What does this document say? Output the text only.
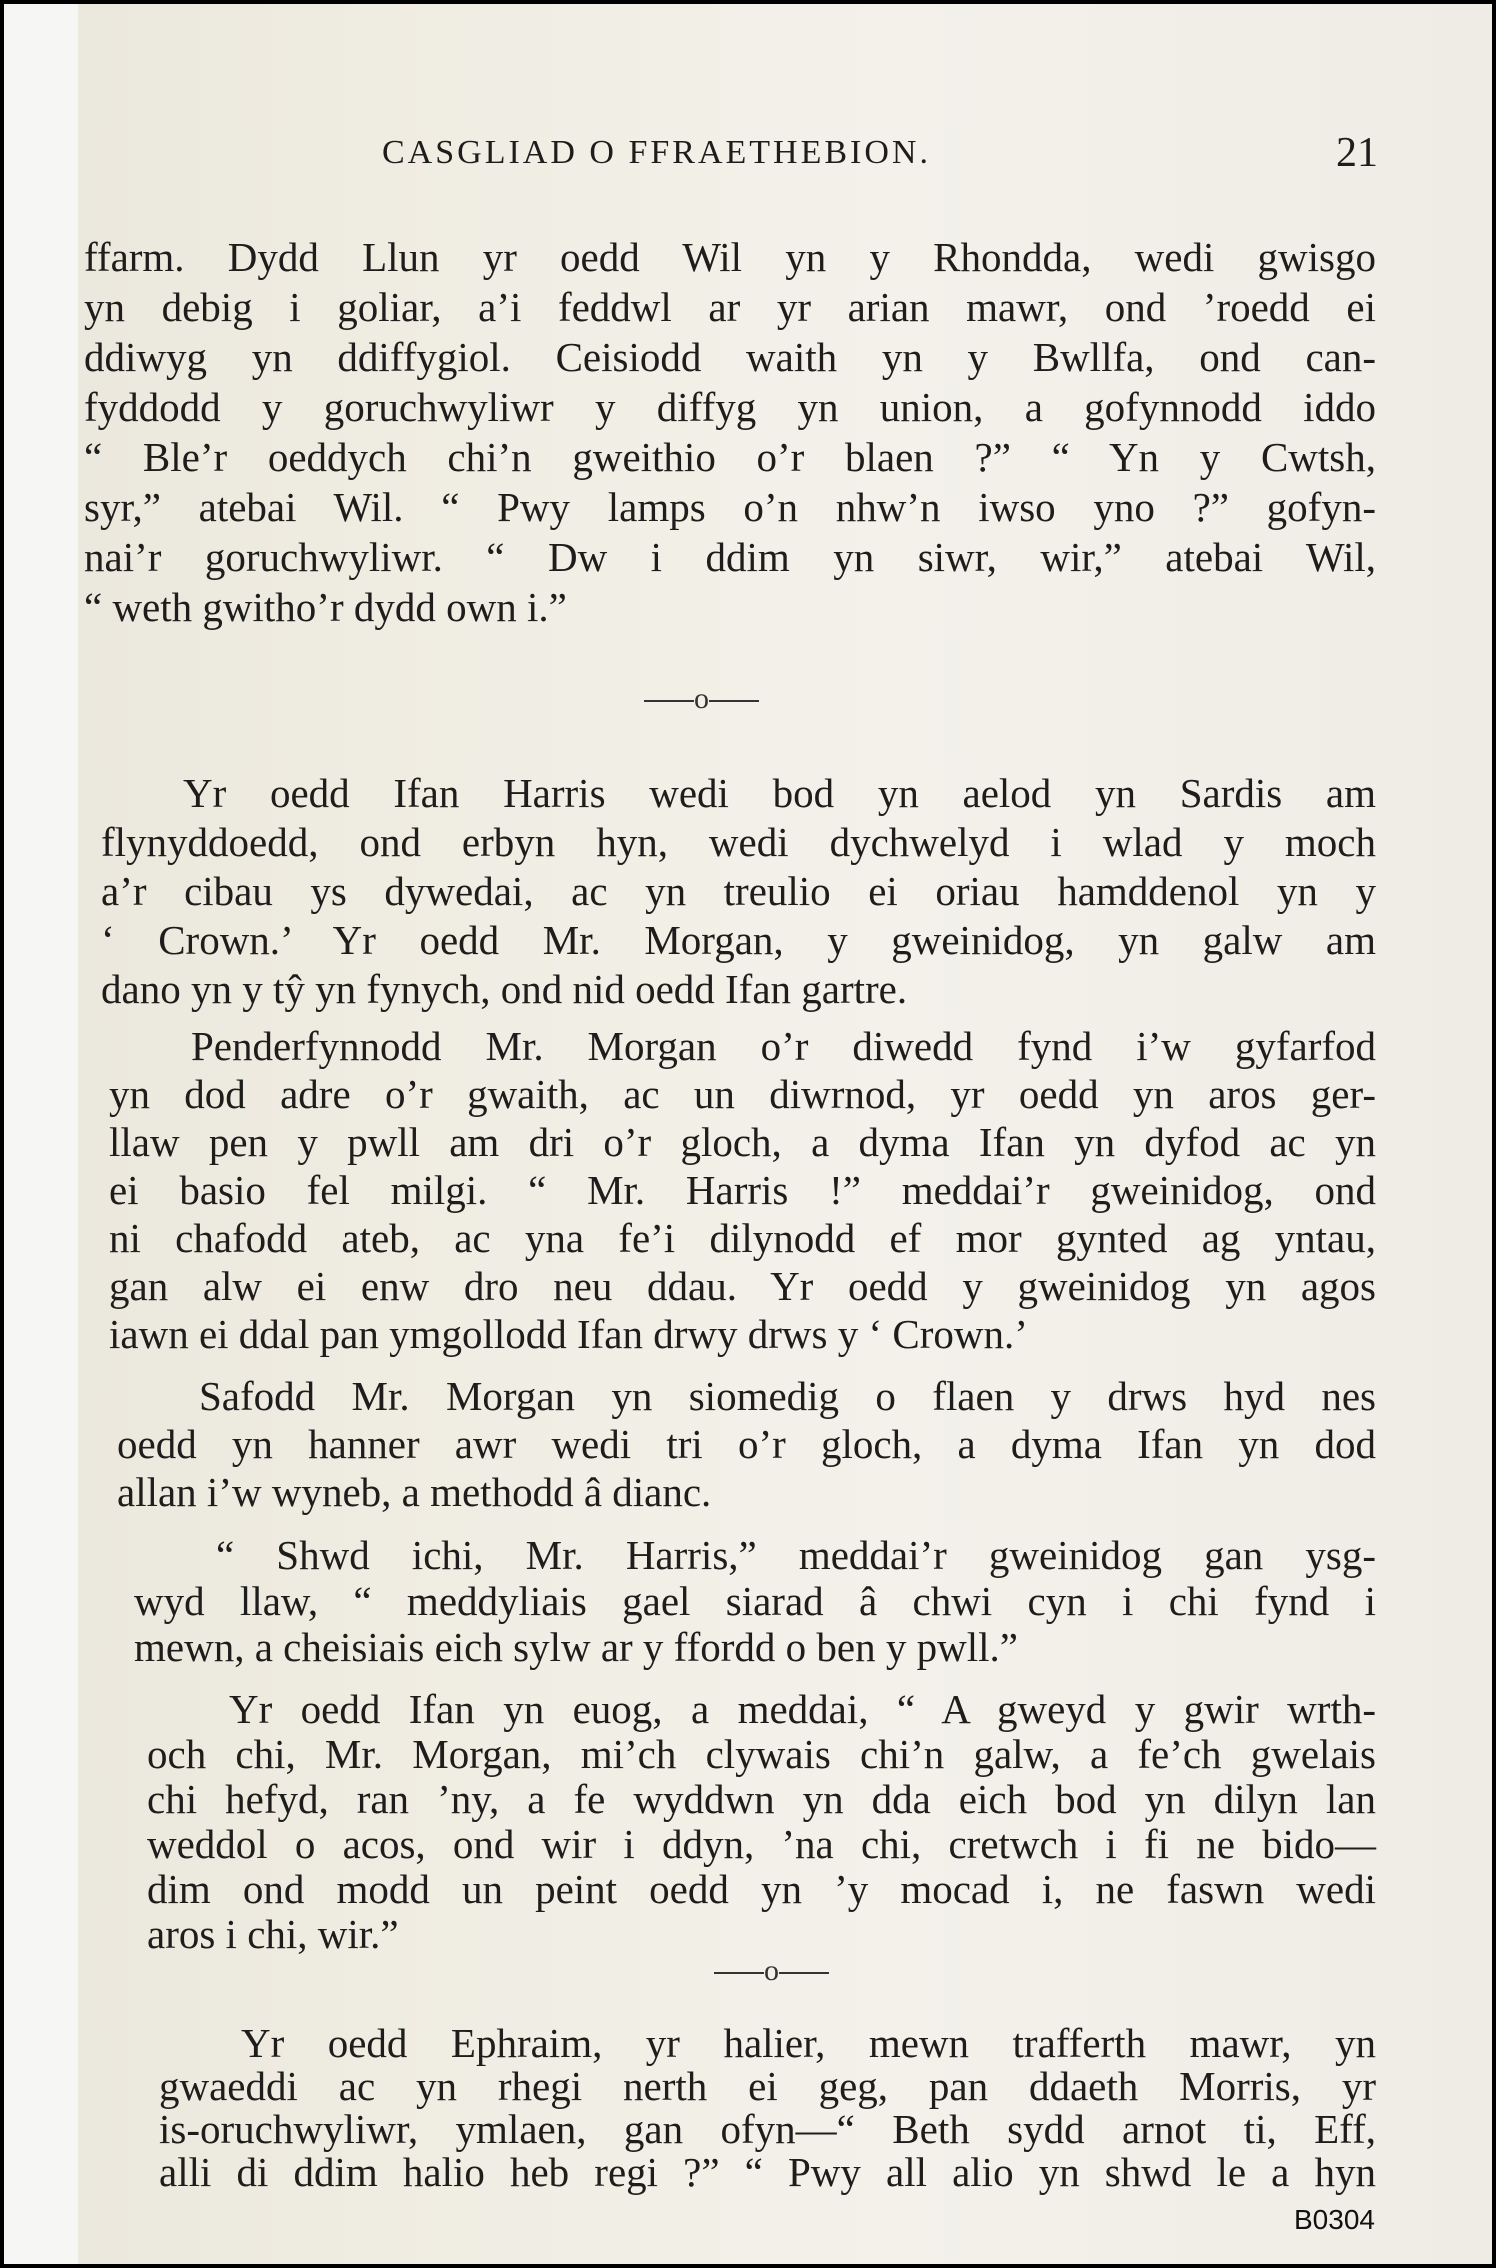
CASGLIAD O FFRAETHEBION.	21
ffarm. Dydd Llun yr oedd Wil yn y Rhondda, wedi gwisgo
yn debig i goliar, a’i feddwl ar yr arian mawr, ond ’roedd ei
ddiwyg yn ddiffygiol. Ceisiodd waith yn y Bwllfa, ond can-
fyddodd y goruchwyliwr y diffyg yn union, a gofynnodd iddo
“ Ble’r oeddych chi’n gweithio o’r blaen ?” “ Yn y Cwtsh,
syr,” atebai Wil. “ Pwy lamps o’n nhw’n iwso yno ?” gofyn-
nai’r goruchwyliwr. “ Dw i ddim yn siwr, wir,” atebai Wil,
“ weth gwitho’r dydd own i.”
o
Yr oedd Ifan Harris wedi bod yn aelod yn Sardis am
flynyddoedd, ond erbyn hyn, wedi dychwelyd i wlad y moch
a’r cibau ys dywedai, ac yn treulio ei oriau hamddenol yn y
‘ Crown.’ Yr oedd Mr. Morgan, y gweinidog, yn galw am
dano yn y tŷ yn fynych, ond nid oedd Ifan gartre.
Penderfynnodd Mr. Morgan o’r diwedd fynd i’w gyfarfod
yn dod adre o’r gwaith, ac un diwrnod, yr oedd yn aros ger-
llaw pen y pwll am dri o’r gloch, a dyma Ifan yn dyfod ac yn
ei basio fel milgi. “ Mr. Harris !” meddai’r gweinidog, ond
ni chafodd ateb, ac yna fe’i dilynodd ef mor gynted ag yntau,
gan alw ei enw dro neu ddau. Yr oedd y gweinidog yn agos
iawn ei ddal pan ymgollodd Ifan drwy drws y ‘ Crown.’
Safodd Mr. Morgan yn siomedig o flaen y drws hyd nes
oedd yn hanner awr wedi tri o’r gloch, a dyma Ifan yn dod
allan i’w wyneb, a methodd â dianc.
“ Shwd ichi, Mr. Harris,” meddai’r gweinidog gan ysg-
wyd llaw, “ meddyliais gael siarad â chwi cyn i chi fynd i
mewn, a cheisiais eich sylw ar y ffordd o ben y pwll.”
Yr oedd Ifan yn euog, a meddai, “ A gweyd y gwir wrth-
och chi, Mr. Morgan, mi’ch clywais chi’n galw, a fe’ch gwelais
chi hefyd, ran ’ny, a fe wyddwn yn dda eich bod yn dilyn lan
weddol o acos, ond wir i ddyn, ’na chi, cretwch i fi ne bido—
dim ond modd un peint oedd yn ’y mocad i, ne faswn wedi
aros i chi, wir.”
o
Yr oedd Ephraim, yr halier, mewn trafferth mawr, yn
gwaeddi ac yn rhegi nerth ei geg, pan ddaeth Morris, yr
is-oruchwyliwr, ymlaen, gan ofyn—“ Beth sydd arnot ti, Eff,
alli di ddim halio heb regi ?” “ Pwy all alio yn shwd le a hyn
B0304
